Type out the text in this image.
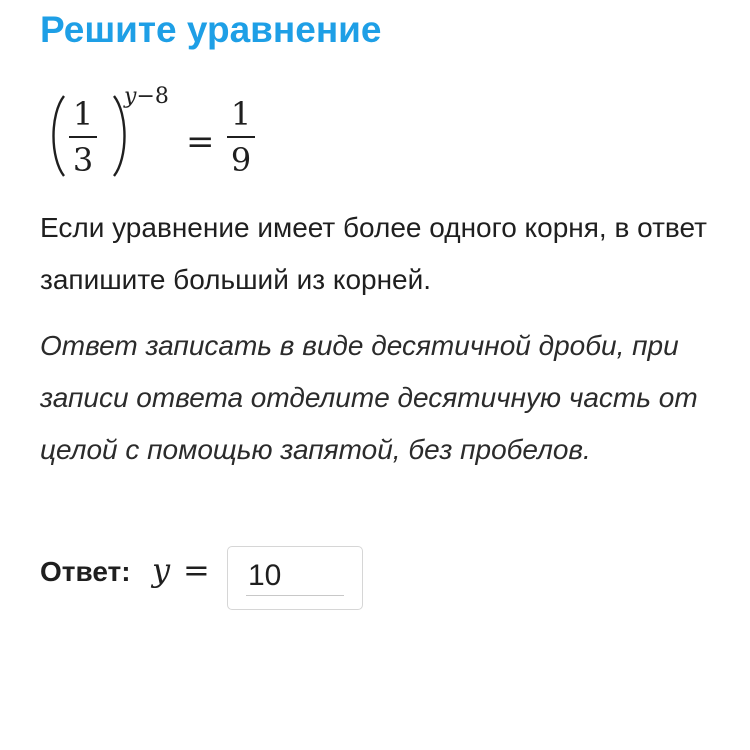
Решите уравнение
1
3
y−8
=
1
9
Если уравнение имеет более одного корня, в ответ запишите больший из корней.
Ответ записать в виде десятичной дроби, при записи ответа отделите десятичную часть от целой с помощью запятой, без пробелов.
Ответ: y =
10
